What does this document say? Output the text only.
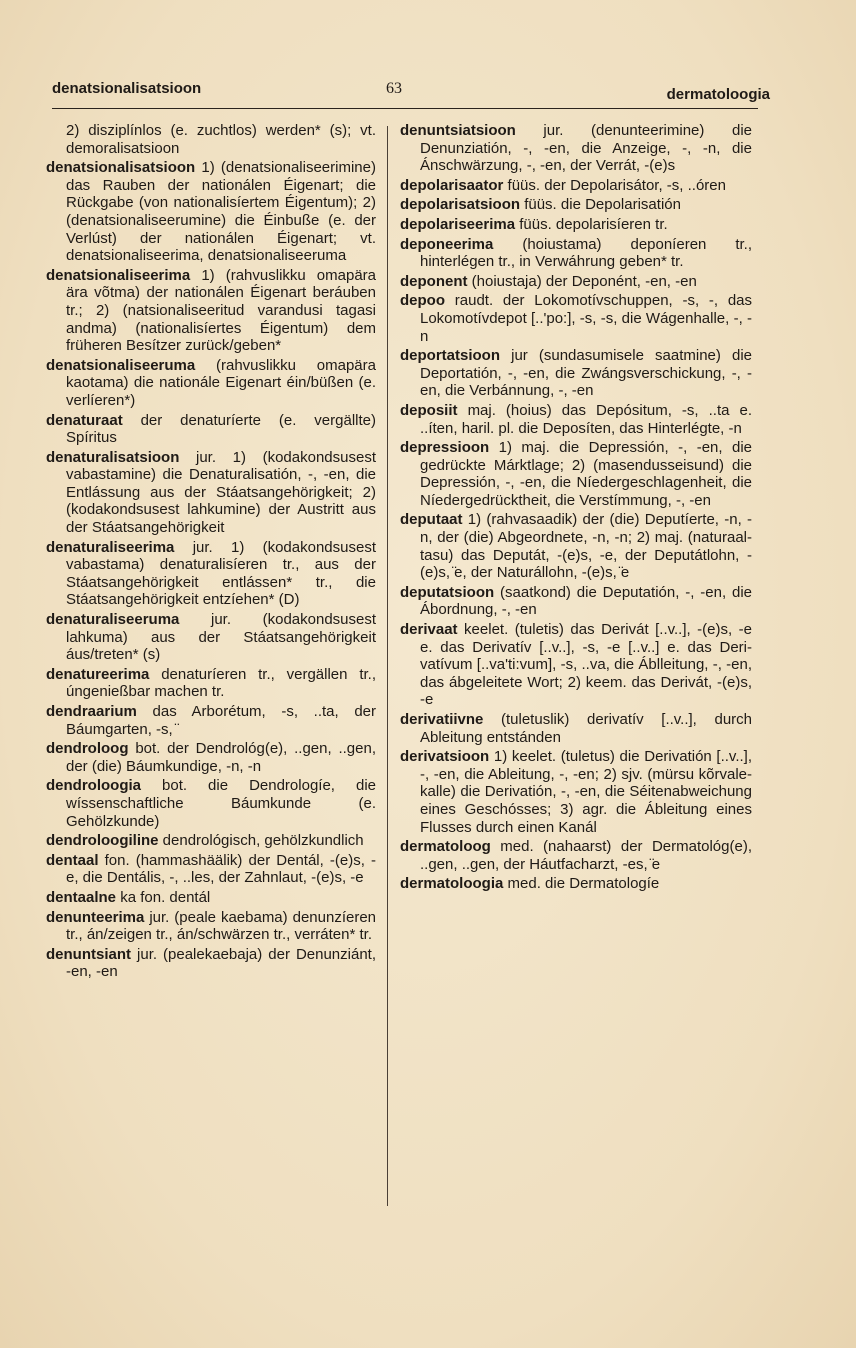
denatsionalisatsioon	63	dermatoloogia
2) disziplínlos (e. zuchtlos) werden* (s); vt. demoralisatsioon
denatsionalisatsioon 1) (denatsionaliseerimine) das Rauben der nationálen Éigenart; die Rückgabe (von nationalisíertem Éigentum); 2) (denatsionaliseerumine) die Éinbuße (e. der Verlúst) der nationálen Éigenart; vt. denatsionaliseerima, denatsionaliseeruma
denatsionaliseerima 1) (rahvuslikku omapära ära võtma) der nationálen Éigenart beráuben tr.; 2) (natsionaliseeritud varandusi tagasi andma) (nationalisíertes Éigentum) dem früheren Besítzer zurück/geben*
denatsionaliseeruma (rahvuslikku omapära kaotama) die nationále Eigenart éin/büßen (e. verlíeren*)
denaturaat der denaturíerte (e. vergällte) Spíritus
denaturalisatsioon jur. 1) (kodakondsusest vabastamine) die Denaturalisatión, -, -en, die Entlássung aus der Stáatsangehörigkeit; 2) (kodakondsusest lahkumine) der Austritt aus der Stáatsangehörigkeit
denaturaliseerima jur. 1) (kodakondsusest vabastama) denaturalisíeren tr., aus der Stáatsangehörigkeit entlássen* tr., die Stáatsangehörigkeit entzíehen* (D)
denaturaliseeruma jur. (kodakondsusest lahkuma) aus der Stáatsangehörigkeit áus/treten* (s)
denatureerima denaturíeren tr., vergällen tr., úngenießbar machen tr.
dendraarium das Arborétum, -s, ..ta, der Báumgarten, -s, ̈
dendroloog bot. der Dendrológ(e), ..gen, ..gen, der (die) Báumkundige, -n, -n
dendroloogia bot. die Dendrologíe, die wíssenschaftliche Báumkunde (e. Gehölzkunde)
dendroloogiline dendrológisch, gehölzkundlich
dentaal fon. (hammashäälik) der Dentál, -(e)s, -e, die Dentális, -, ..les, der Zahnlaut, -(e)s, -e
dentaalne ka fon. dentál
denunteerima jur. (peale kaebama) denunzíeren tr., án/zeigen tr., án/schwärzen tr., verráten* tr.
denuntsiant jur. (pealekaebaja) der Denunziánt, -en, -en
denuntsiatsioon jur. (denunteerimine) die Denunziatión, -, -en, die Anzeige, -, -n, die Ánschwärzung, -, -en, der Verrát, -(e)s
depolarisaator füüs. der Depolarisátor, -s, ..óren
depolarisatsioon füüs. die Depolarisatión
depolariseerima füüs. depolarisíeren tr.
deponeerima (hoiustama) deponíeren tr., hinterlégen tr., in Verwáhrung geben* tr.
deponent (hoiustaja) der Deponént, -en, -en
depoo raudt. der Lokomotívschuppen, -s, -, das Lokomotívdepot [..'po:], -s, -s, die Wágenhalle, -, -n
deportatsioon jur (sundasumisele saatmine) die Deportatión, -, -en, die Zwángsverschickung, -, -en, die Verbánnung, -, -en
deposiit maj. (hoius) das Depósitum, -s, ..ta e. ..íten, haril. pl. die Deposíten, das Hinterlégte, -n
depressioon 1) maj. die Depressión, -, -en, die gedrückte Márktlage; 2) (masendusseisund) die Depressión, -, -en, die Níedergeschlagenheit, die Níedergedrücktheit, die Verstímmung, -, -en
deputaat 1) (rahvasaadik) der (die) Deputíerte, -n, -n, der (die) Abgeordnete, -n, -n; 2) maj. (naturaaltasu) das Deputát, -(e)s, -e, der Deputátlohn, -(e)s, ̈e, der Naturállohn, -(e)s, ̈e
deputatsioon (saatkond) die Deputatión, -, -en, die Ábordnung, -, -en
derivaat keelet. (tuletis) das Derivát [..v..], -(e)s, -e e. das Derivatív [..v..], -s, -e [..v..] e. das Derivatívum [..va'ti:vum], -s, ..va, die Áblleitung, -, -en, das ábgeleitete Wort; 2) keem. das Derivát, -(e)s, -e
derivatiivne (tuletuslik) derivatív [..v..], durch Ableitung entstánden
derivatsioon 1) keelet. (tuletus) die Derivatión [..v..], -, -en, die Ableitung, -, -en; 2) sjv. (mürsu kõrvalekalle) die Derivatión, -, -en, die Séitenabweichung eines Geschósses; 3) agr. die Ábleitung eines Flusses durch einen Kanál
dermatoloog med. (nahaarst) der Dermatológ(e), ..gen, ..gen, der Háutfacharzt, -es, ̈e
dermatoloogia med. die Dermatologíe
